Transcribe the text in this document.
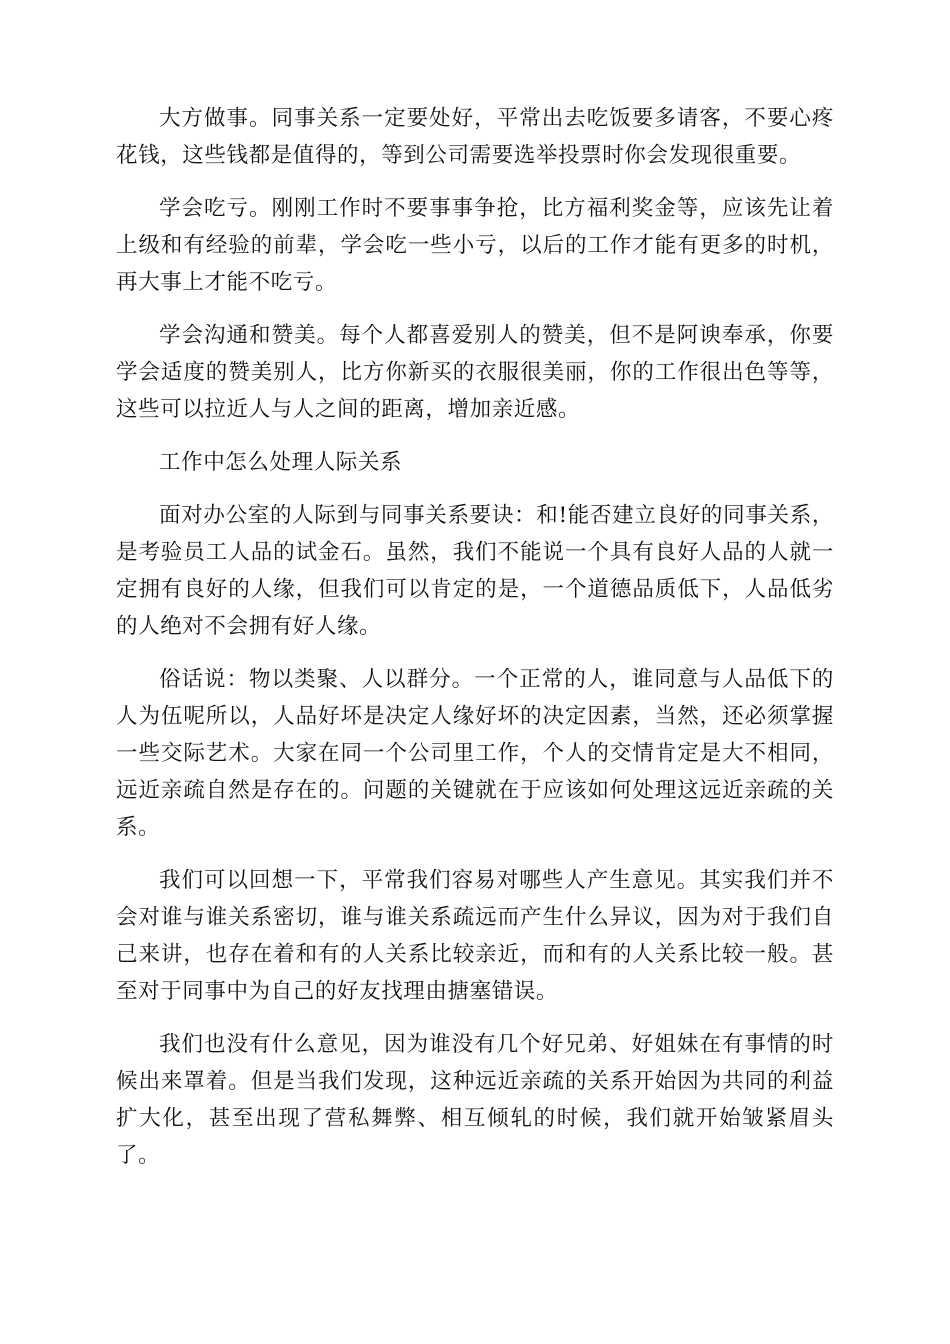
大方做事。同事关系一定要处好，平常出去吃饭要多请客，不要心疼花钱，这些钱都是值得的，等到公司需要选举投票时你会发现很重要。

学会吃亏。刚刚工作时不要事事争抢，比方福利奖金等，应该先让着上级和有经验的前辈，学会吃一些小亏，以后的工作才能有更多的时机，再大事上才能不吃亏。

学会沟通和赞美。每个人都喜爱别人的赞美，但不是阿谀奉承，你要学会适度的赞美别人，比方你新买的衣服很美丽，你的工作很出色等等，这些可以拉近人与人之间的距离，增加亲近感。

工作中怎么处理人际关系

面对办公室的人际到与同事关系要诀：和!能否建立良好的同事关系，是考验员工人品的试金石。虽然，我们不能说一个具有良好人品的人就一定拥有良好的人缘，但我们可以肯定的是，一个道德品质低下，人品低劣的人绝对不会拥有好人缘。

俗话说：物以类聚、人以群分。一个正常的人，谁同意与人品低下的人为伍呢所以，人品好坏是决定人缘好坏的决定因素，当然，还必须掌握一些交际艺术。大家在同一个公司里工作，个人的交情肯定是大不相同，远近亲疏自然是存在的。问题的关键就在于应该如何处理这远近亲疏的关系。

我们可以回想一下，平常我们容易对哪些人产生意见。其实我们并不会对谁与谁关系密切，谁与谁关系疏远而产生什么异议，因为对于我们自己来讲，也存在着和有的人关系比较亲近，而和有的人关系比较一般。甚至对于同事中为自己的好友找理由搪塞错误。

我们也没有什么意见，因为谁没有几个好兄弟、好姐妹在有事情的时候出来罩着。但是当我们发现，这种远近亲疏的关系开始因为共同的利益扩大化，甚至出现了营私舞弊、相互倾轧的时候，我们就开始皱紧眉头了。
